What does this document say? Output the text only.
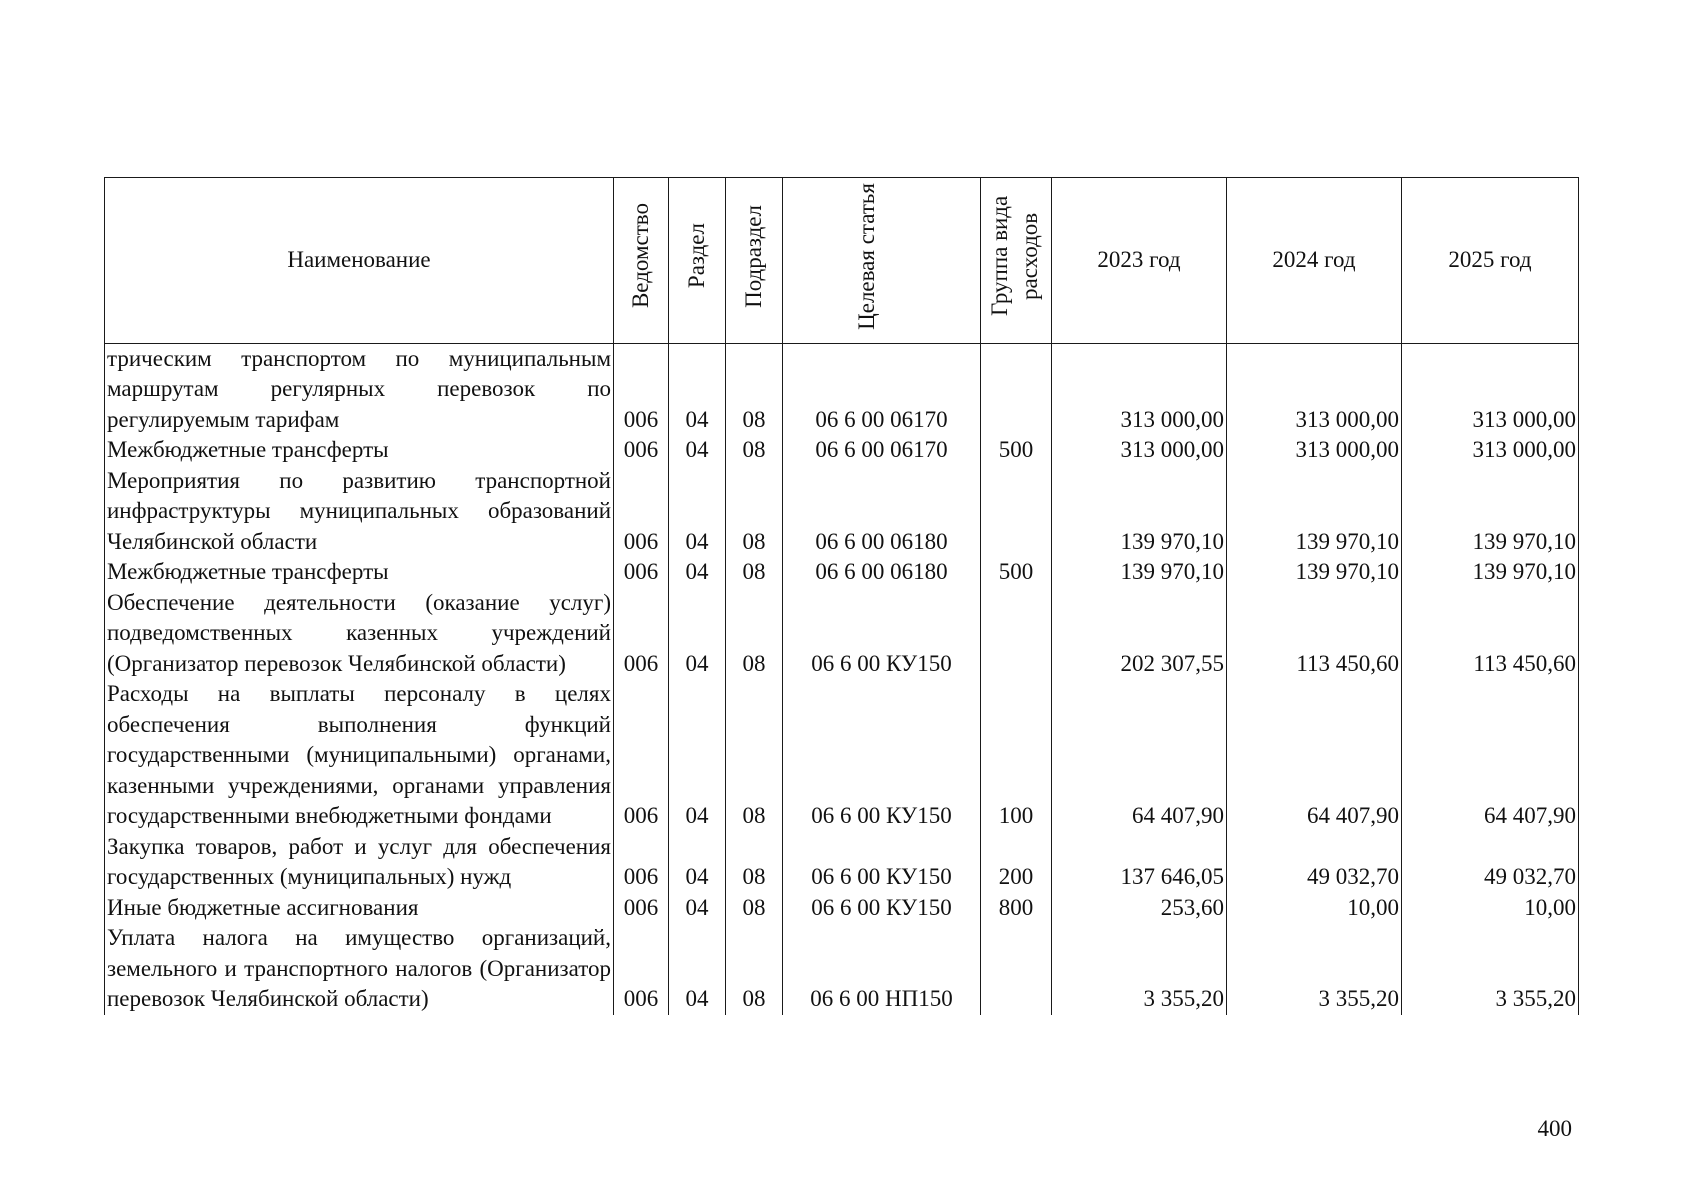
Наименование	Ведомство	Раздел	Подраздел	Целевая статья	Группа вида расходов	2023 год	2024 год	2025 год
трическим транспортом по муниципальным маршрутам регулярных перевозок по регулируемым тарифам	006	04	08	06 6 00 06170		313 000,00	313 000,00	313 000,00
Межбюджетные трансферты	006	04	08	06 6 00 06170	500	313 000,00	313 000,00	313 000,00
Мероприятия по развитию транспортной инфраструктуры муниципальных образований Челябинской области	006	04	08	06 6 00 06180		139 970,10	139 970,10	139 970,10
Межбюджетные трансферты	006	04	08	06 6 00 06180	500	139 970,10	139 970,10	139 970,10
Обеспечение деятельности (оказание услуг) подведомственных казенных учреждений (Организатор перевозок Челябинской области)	006	04	08	06 6 00 КУ150		202 307,55	113 450,60	113 450,60
Расходы на выплаты персоналу в целях обеспечения выполнения функций государственными (муниципальными) органами, казенными учреждениями, органами управления государственными внебюджетными фондами	006	04	08	06 6 00 КУ150	100	64 407,90	64 407,90	64 407,90
Закупка товаров, работ и услуг для обеспечения государственных (муниципальных) нужд	006	04	08	06 6 00 КУ150	200	137 646,05	49 032,70	49 032,70
Иные бюджетные ассигнования	006	04	08	06 6 00 КУ150	800	253,60	10,00	10,00
Уплата налога на имущество организаций, земельного и транспортного налогов (Организатор перевозок Челябинской области)	006	04	08	06 6 00 НП150		3 355,20	3 355,20	3 355,20
400
